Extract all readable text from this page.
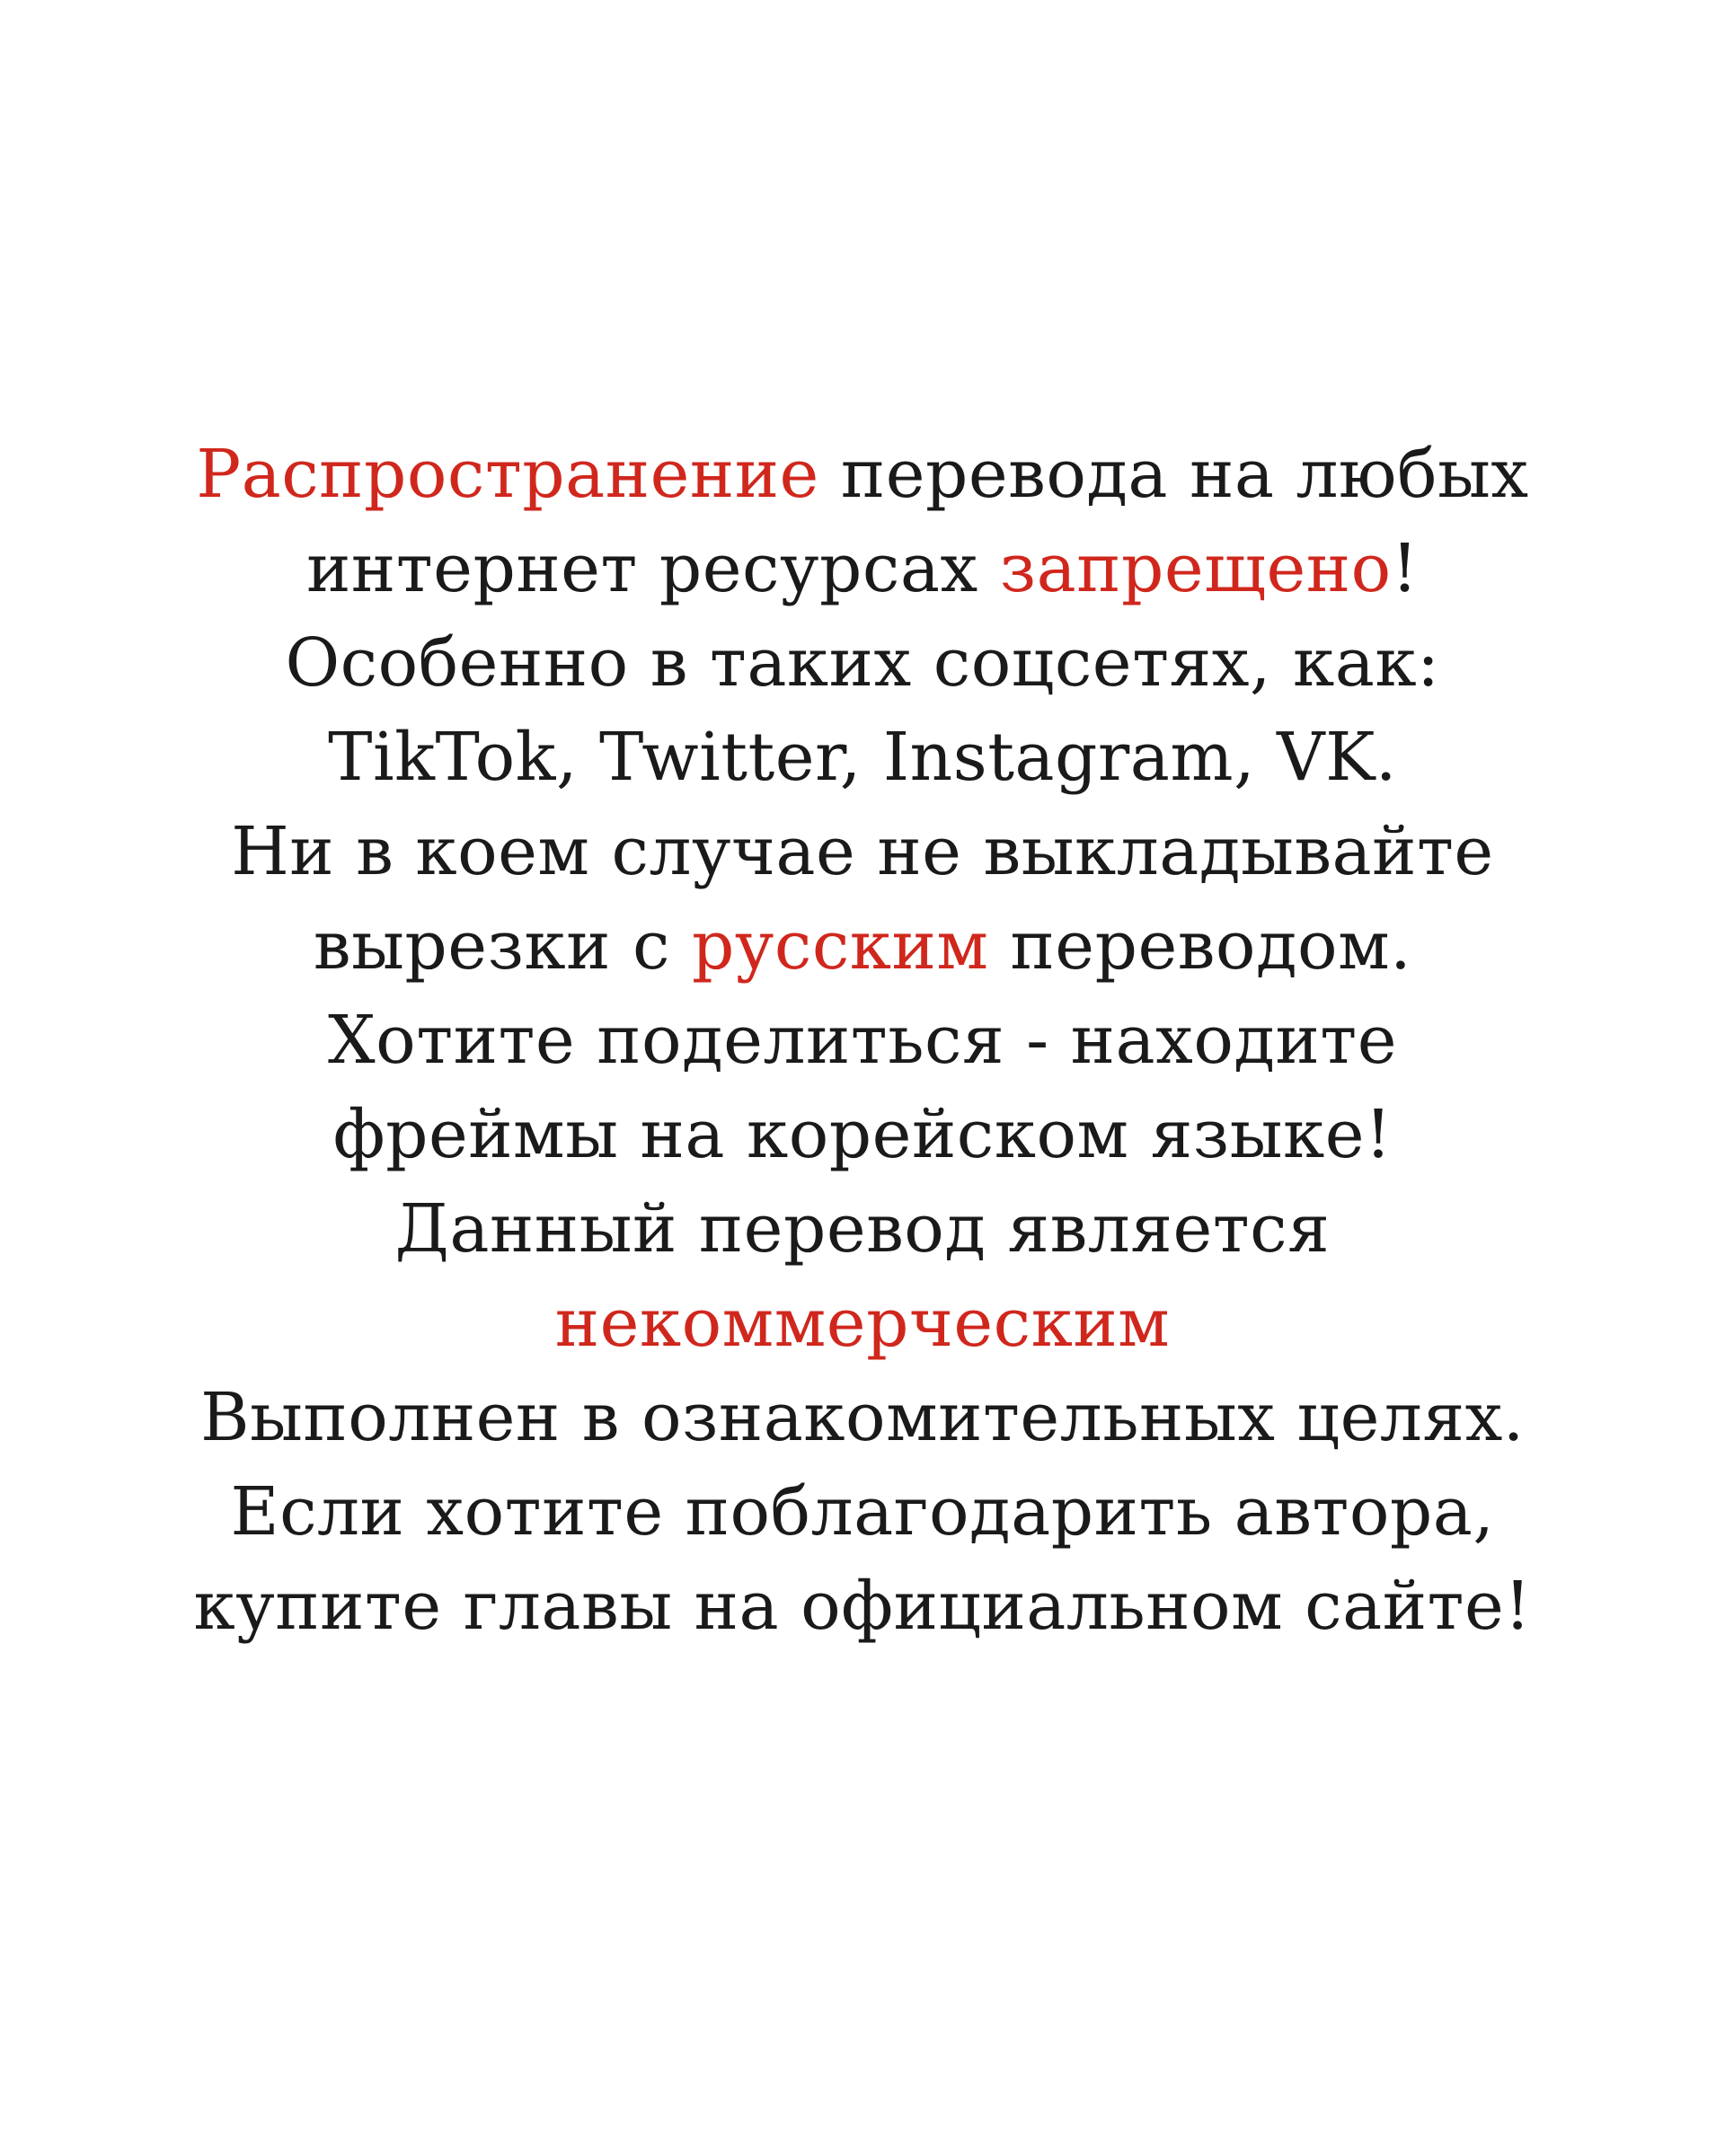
Распространение перевода на любых
интернет ресурсах запрещено!
Особенно в таких соцсетях, как:
TikTok, Twitter, Instagram, VK.
Ни в коем случае не выкладывайте
вырезки с русским переводом.
Хотите поделиться - находите
фреймы на корейском языке!
Данный перевод является
некоммерческим
Выполнен в ознакомительных целях.
Если хотите поблагодарить автора,
купите главы на официальном сайте!
